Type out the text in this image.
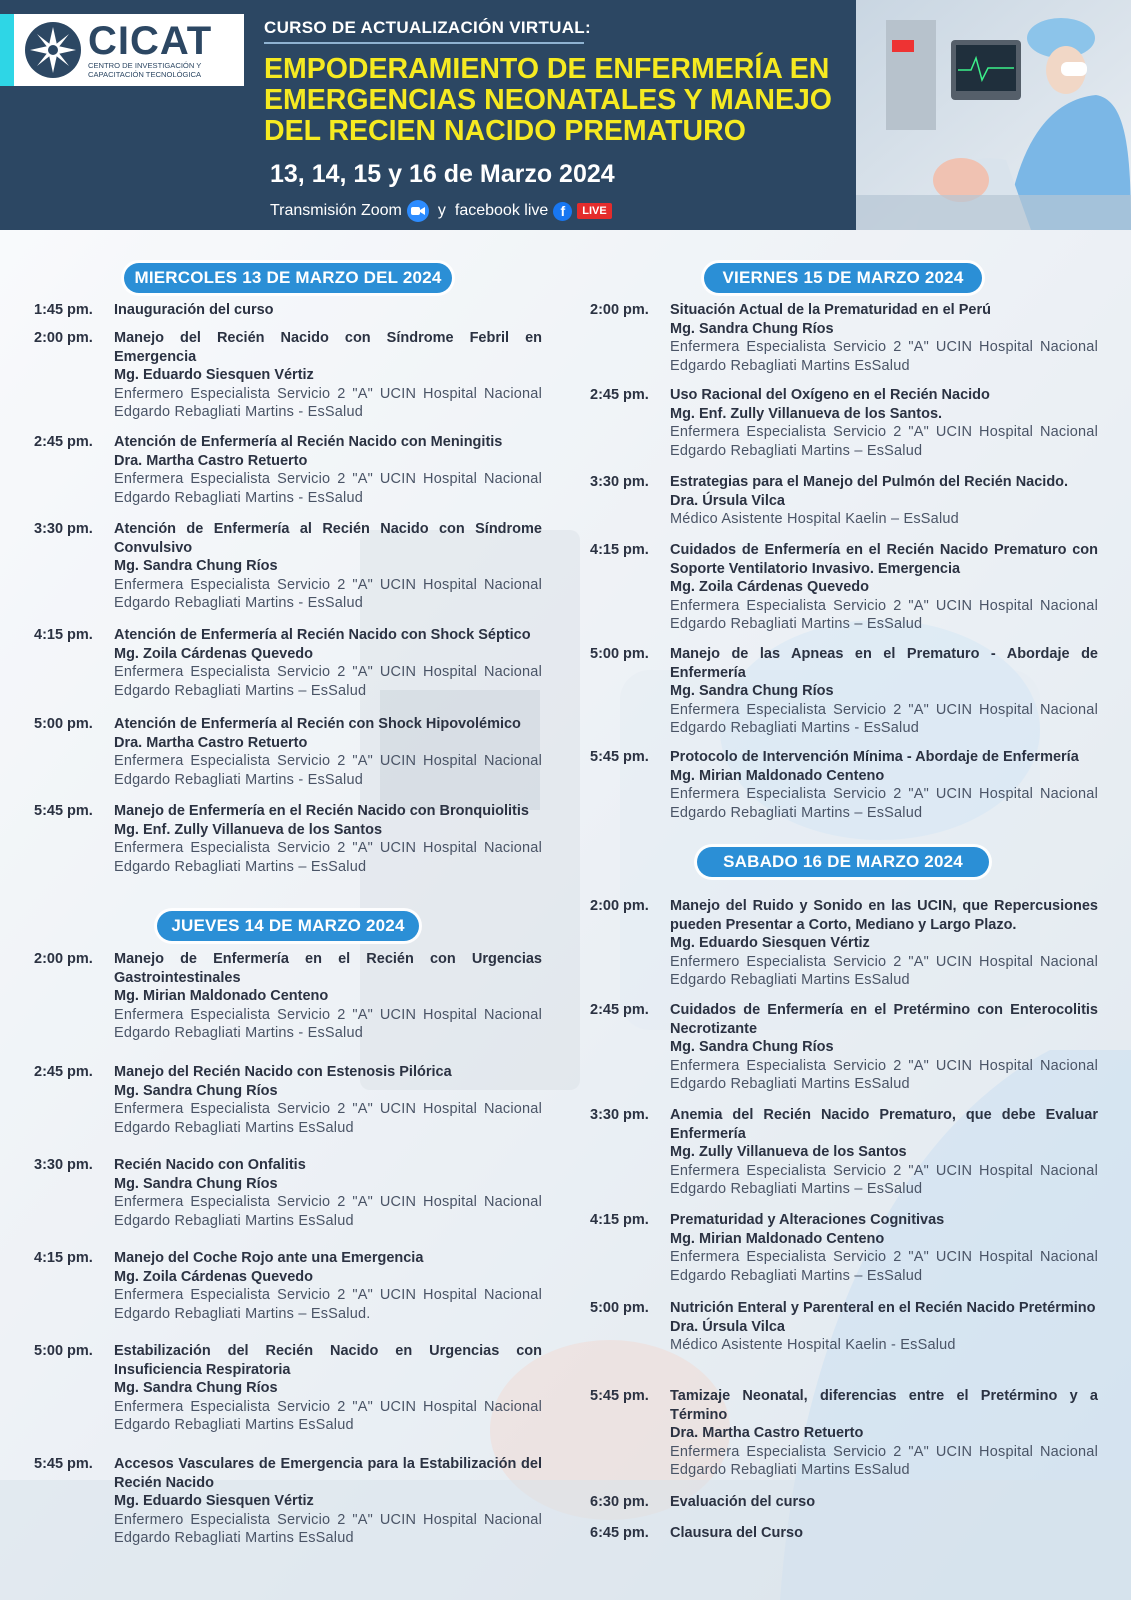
CICAT
CENTRO DE INVESTIGACIÓN Y
CAPACITACIÓN TECNOLÓGICA
CURSO DE ACTUALIZACIÓN VIRTUAL:
EMPODERAMIENTO DE ENFERMERÍA EN
EMERGENCIAS NEONATALES Y MANEJO
DEL RECIEN NACIDO PREMATURO
13, 14, 15 y 16 de Marzo 2024
Transmisión Zoom y facebook live f	LIVE
MIERCOLES 13 DE MARZO DEL 2024
1:45 pm.	Inauguración del curso
2:00 pm.	Manejo del Recién Nacido con Síndrome Febril en Emergencia
Mg. Eduardo Siesquen Vértiz
Enfermero Especialista Servicio 2 "A" UCIN Hospital Nacional Edgardo Rebagliati Martins - EsSalud
2:45 pm.	Atención de Enfermería al Recién Nacido con Meningitis
Dra. Martha Castro Retuerto
Enfermera Especialista Servicio 2 "A" UCIN Hospital Nacional Edgardo Rebagliati Martins - EsSalud
3:30 pm.	Atención de Enfermería al Recién Nacido con Síndrome Convulsivo
Mg. Sandra Chung Ríos
Enfermera Especialista Servicio 2 "A" UCIN Hospital Nacional Edgardo Rebagliati Martins - EsSalud
4:15 pm.	Atención de Enfermería al Recién Nacido con Shock Séptico
Mg. Zoila Cárdenas Quevedo
Enfermera Especialista Servicio 2 "A" UCIN Hospital Nacional Edgardo Rebagliati Martins – EsSalud
5:00 pm.	Atención de Enfermería al Recién con Shock Hipovolémico
Dra. Martha Castro Retuerto
Enfermera Especialista Servicio 2 "A" UCIN Hospital Nacional Edgardo Rebagliati Martins - EsSalud
5:45 pm.	Manejo de Enfermería en el Recién Nacido con Bronquiolitis
Mg. Enf. Zully Villanueva de los Santos
Enfermera Especialista Servicio 2 "A" UCIN Hospital Nacional Edgardo Rebagliati Martins – EsSalud
JUEVES 14 DE MARZO 2024
2:00 pm.	Manejo de Enfermería en el Recién con Urgencias Gastrointestinales
Mg. Mirian Maldonado Centeno
Enfermera Especialista Servicio 2 "A" UCIN Hospital Nacional Edgardo Rebagliati Martins - EsSalud
2:45 pm.	Manejo del Recién Nacido con Estenosis Pilórica
Mg. Sandra Chung Ríos
Enfermera Especialista Servicio 2 "A" UCIN Hospital Nacional Edgardo Rebagliati Martins EsSalud
3:30 pm.	Recién Nacido con Onfalitis
Mg. Sandra Chung Ríos
Enfermera Especialista Servicio 2 "A" UCIN Hospital Nacional Edgardo Rebagliati Martins EsSalud
4:15 pm.	Manejo del Coche Rojo ante una Emergencia
Mg. Zoila Cárdenas Quevedo
Enfermera Especialista Servicio 2 "A" UCIN Hospital Nacional Edgardo Rebagliati Martins – EsSalud.
5:00 pm.	Estabilización del Recién Nacido en Urgencias con Insuficiencia Respiratoria
Mg. Sandra Chung Ríos
Enfermera Especialista Servicio 2 "A" UCIN Hospital Nacional Edgardo Rebagliati Martins EsSalud
5:45 pm.	Accesos Vasculares de Emergencia para la Estabilización del Recién Nacido
Mg. Eduardo Siesquen Vértiz
Enfermero Especialista Servicio 2 "A" UCIN Hospital Nacional Edgardo Rebagliati Martins EsSalud
VIERNES 15 DE MARZO 2024
2:00 pm.	Situación Actual de la Prematuridad en el Perú
Mg. Sandra Chung Ríos
Enfermera Especialista Servicio 2 "A" UCIN Hospital Nacional Edgardo Rebagliati Martins EsSalud
2:45 pm.	Uso Racional del Oxígeno en el Recién Nacido
Mg. Enf. Zully Villanueva de los Santos.
Enfermera Especialista Servicio 2 "A" UCIN Hospital Nacional Edgardo Rebagliati Martins – EsSalud
3:30 pm.	Estrategias para el Manejo del Pulmón del Recién Nacido.
Dra. Úrsula Vilca
Médico Asistente Hospital Kaelin – EsSalud
4:15 pm.	Cuidados de Enfermería en el Recién Nacido Prematuro con Soporte Ventilatorio Invasivo. Emergencia
Mg. Zoila Cárdenas Quevedo
Enfermera Especialista Servicio 2 "A" UCIN Hospital Nacional Edgardo Rebagliati Martins – EsSalud
5:00 pm.	Manejo de las Apneas en el Prematuro - Abordaje de Enfermería
Mg. Sandra Chung Ríos
Enfermera Especialista Servicio 2 "A" UCIN Hospital Nacional Edgardo Rebagliati Martins - EsSalud
5:45 pm.	Protocolo de Intervención Mínima - Abordaje de Enfermería
Mg. Mirian Maldonado Centeno
Enfermera Especialista Servicio 2 "A" UCIN Hospital Nacional Edgardo Rebagliati Martins – EsSalud
SABADO 16 DE MARZO 2024
2:00 pm.	Manejo del Ruido y Sonido en las UCIN, que Repercusiones pueden Presentar a Corto, Mediano y Largo Plazo.
Mg. Eduardo Siesquen Vértiz
Enfermero Especialista Servicio 2 "A" UCIN Hospital Nacional Edgardo Rebagliati Martins EsSalud
2:45 pm.	Cuidados de Enfermería en el Pretérmino con Enterocolitis Necrotizante
Mg. Sandra Chung Ríos
Enfermera Especialista Servicio 2 "A" UCIN Hospital Nacional Edgardo Rebagliati Martins EsSalud
3:30 pm.	Anemia del Recién Nacido Prematuro, que debe Evaluar Enfermería
Mg. Zully Villanueva de los Santos
Enfermera Especialista Servicio 2 "A" UCIN Hospital Nacional Edgardo Rebagliati Martins – EsSalud
4:15 pm.	Prematuridad y Alteraciones Cognitivas
Mg. Mirian Maldonado Centeno
Enfermera Especialista Servicio 2 "A" UCIN Hospital Nacional Edgardo Rebagliati Martins – EsSalud
5:00 pm.	Nutrición Enteral y Parenteral en el Recién Nacido Pretérmino
Dra. Úrsula Vilca
Médico Asistente Hospital Kaelin - EsSalud
5:45 pm.	Tamizaje Neonatal, diferencias entre el Pretérmino y a Término
Dra. Martha Castro Retuerto
Enfermera Especialista Servicio 2 "A" UCIN Hospital Nacional Edgardo Rebagliati Martins EsSalud
6:30 pm.	Evaluación del curso
6:45 pm.	Clausura del Curso
